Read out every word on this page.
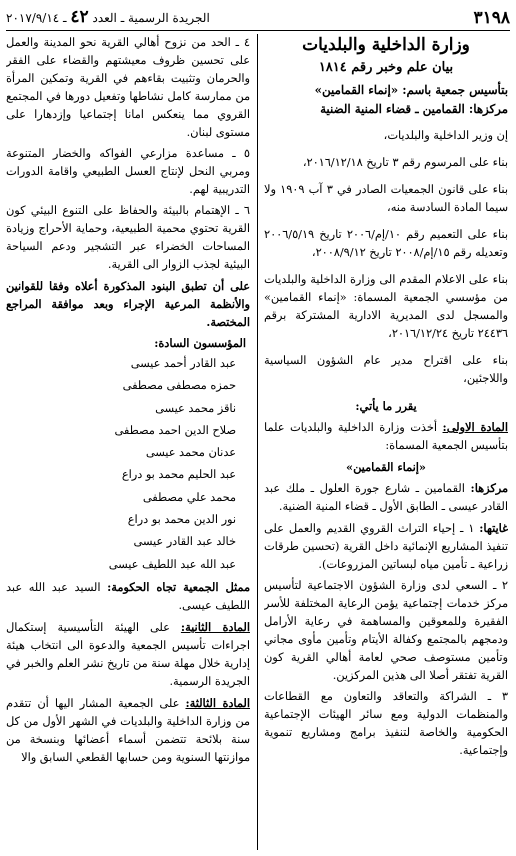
٣١٩٨
الجريدة الرسمية ـ العدد ٤٢ ـ ٢٠١٧/٩/١٤

وزارة الداخلية والبلديات

بيان علم وخبر رقم ١٨١٤

بتأسيس جمعية باسم: «إنماء القمامين»
مركزها: القمامين ـ قضاء المنية الضنية

إن وزير الداخلية والبلديات،

بناء على المرسوم رقم ٣ تاريخ ٢٠١٦/١٢/١٨،

بناء على قانون الجمعيات الصادر في ٣ آب ١٩٠٩ ولا سيما المادة السادسة منه،

بناء على التعميم رقم ١٠/إم/٢٠٠٦ تاريخ ٢٠٠٦/٥/١٩ وتعديله رقم ١٥/إم/٢٠٠٨ تاريخ ٢٠٠٨/٩/١٢،

بناء على الاعلام المقدم الى وزارة الداخلية والبلديات من مؤسسي الجمعية المسماة: «إنماء القمامين» والمسجل لدى المديرية الادارية المشتركة برقم ٢٤٤٣٦ تاريخ ٢٠١٦/١٢/٢٤،

بناء على اقتراح مدير عام الشؤون السياسية واللاجئين،

يقرر ما يأتي:

المادة الاولى: أخذت وزارة الداخلية والبلديات علما بتأسيس الجمعية المسماة:

«إنماء القمامين»

مركزها: القمامين ـ شارع جورة العلول ـ ملك عبد القادر عيسى ـ الطابق الأول ـ قضاء المنية الضنية.

غايتها: ١ ـ إحياء التراث القروي القديم والعمل على تنفيذ المشاريع الإنمائية داخل القرية (تحسين طرقات زراعية ـ تأمين مياه لبساتين المزروعات).

٢ ـ السعي لدى وزارة الشؤون الاجتماعية لتأسيس مركز خدمات إجتماعية يؤمن الرعاية المختلفة للأسر الفقيرة وللمعوقين والمساهمة في رعاية الأرامل ودمجهم بالمجتمع وكفالة الأيتام وتأمين مأوى مجاني وتأمين مستوصف صحي لعامة أهالي القرية كون القرية تفتقر أصلا الى هذين المركزين.

٣ ـ الشراكة والتعاقد والتعاون مع القطاعات والمنظمات الدولية ومع سائر الهيئات الإجتماعية الحكومية والخاصة لتنفيذ برامج ومشاريع تنموية وإجتماعية.

٤ ـ الحد من نزوح أهالي القرية نحو المدينة والعمل على تحسين ظروف معيشتهم والقضاء على الفقر والحرمان وتثبيت بقاءهم في القرية وتمكين المرأة من ممارسة كامل نشاطها وتفعيل دورها في المجتمع القروي مما ينعكس امانا إجتماعيا وإزدهارا على مستوى لبنان.

٥ ـ مساعدة مزارعي الفواكه والخضار المتنوعة ومربي النحل لإنتاج العسل الطبيعي واقامة الدورات التدريبية لهم.

٦ ـ الإهتمام بالبيئة والحفاظ على التنوع البيئي كون القرية تحتوي محمية الطبيعية، وحماية الأحراج وزيادة المساحات الخضراء عبر التشجير ودعم السياحة البيئية لجذب الزوار الى القرية.

على أن تطبق البنود المذكورة أعلاه وفقا للقوانين والأنظمة المرعية الإجراء وبعد موافقة المراجع المختصة.

المؤسسون السادة:

عبد القادر أحمد عيسى

حمزه مصطفى مصطفى

ناقز محمد عيسى

صلاح الدين احمد مصطفى

عدنان محمد عيسى

عبد الحليم محمد بو دراع

محمد علي مصطفى

نور الدين محمد بو دراع

خالد عبد القادر عيسى

عبد الله عبد اللطيف عيسى

ممثل الجمعية تجاه الحكومة: السيد عبد الله عبد اللطيف عيسى.

المادة الثانية: على الهيئة التأسيسية إستكمال اجراءات تأسيس الجمعية والدعوة الى انتخاب هيئة إدارية خلال مهلة سنة من تاريخ نشر العلم والخبر في الجريدة الرسمية.

المادة الثالثة: على الجمعية المشار اليها أن تتقدم من وزارة الداخلية والبلديات في الشهر الأول من كل سنة بلائحة تتضمن أسماء أعضائها وبنسخة من موازنتها السنوية ومن حسابها القطعي السابق والا
